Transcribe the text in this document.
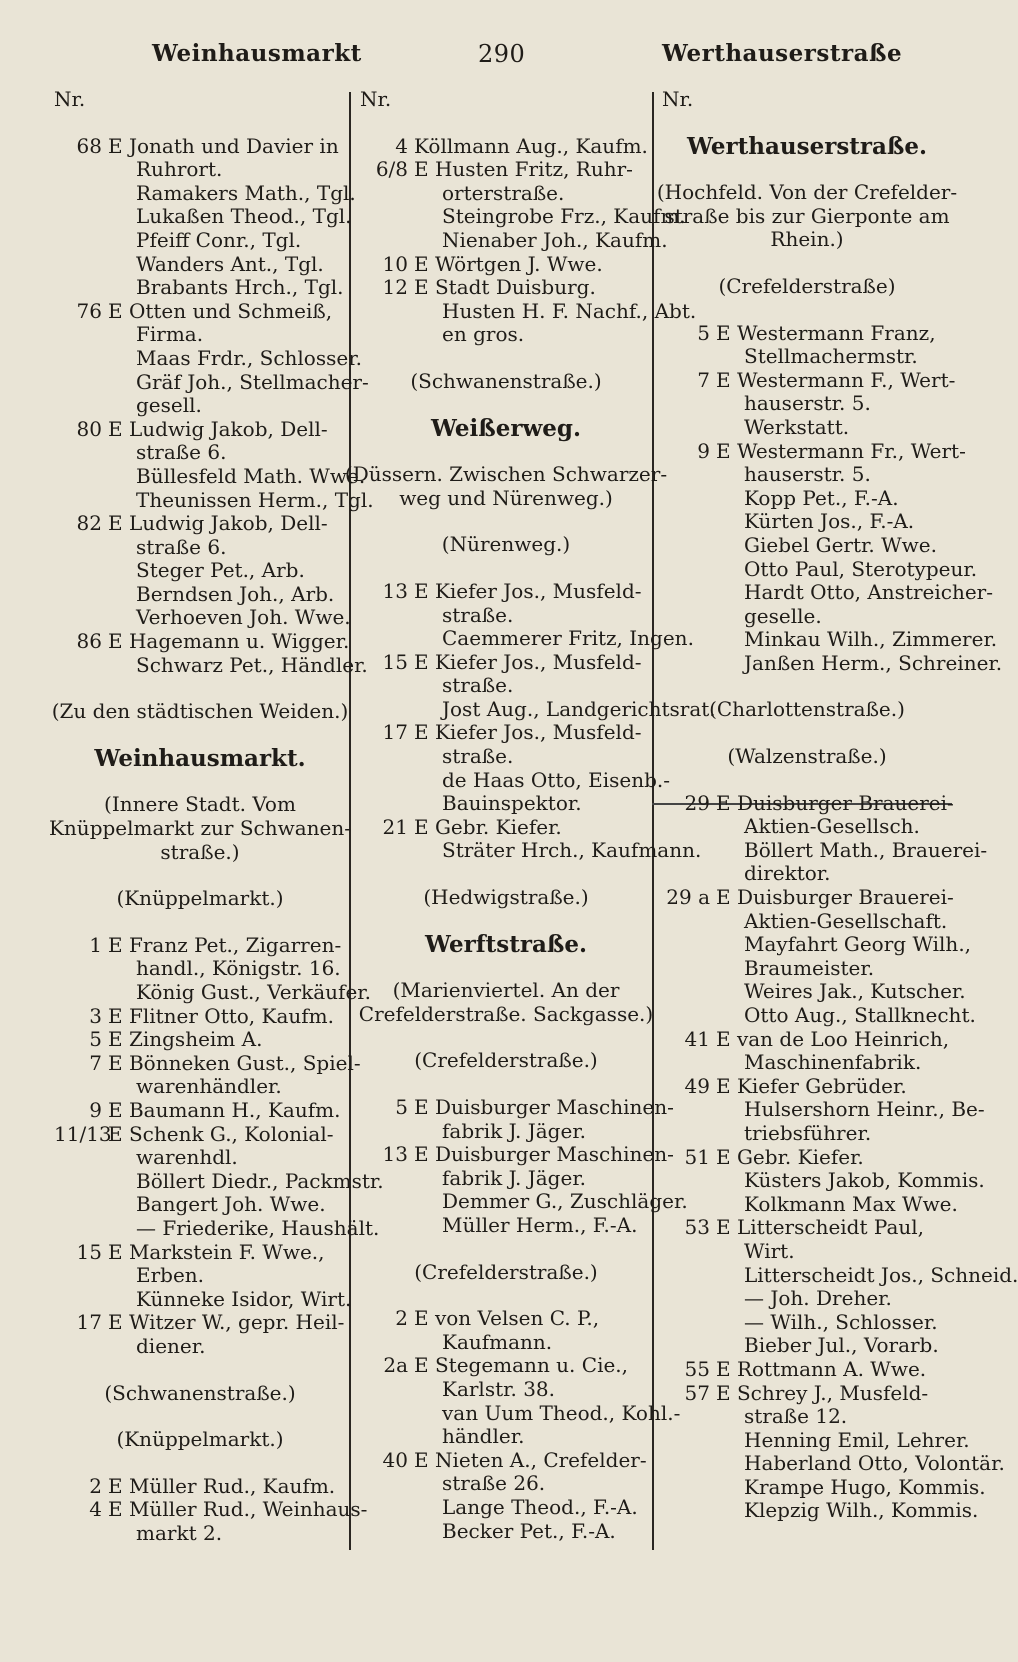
Weinhausmarkt	290	Werthauserstraße
Nr.
68 E Jonath und Davier in
Ruhrort.
Ramakers Math., Tgl.
Lukaßen Theod., Tgl.
Pfeiff Conr., Tgl.
Wanders Ant., Tgl.
Brabants Hrch., Tgl.
76 E Otten und Schmeiß,
Firma.
Maas Frdr., Schlosser.
Gräf Joh., Stellmacher-
gesell.
80 E Ludwig Jakob, Dell-
straße 6.
Büllesfeld Math. Wwe.
Theunissen Herm., Tgl.
82 E Ludwig Jakob, Dell-
straße 6.
Steger Pet., Arb.
Berndsen Joh., Arb.
Verhoeven Joh. Wwe.
86 E Hagemann u. Wigger.
Schwarz Pet., Händler.
(Zu den städtischen Weiden.)
Weinhausmarkt.
(Innere Stadt. Vom
Knüppelmarkt zur Schwanen-
straße.)
(Knüppelmarkt.)
1 E Franz Pet., Zigarren-
handl., Königstr. 16.
König Gust., Verkäufer.
3 E Flitner Otto, Kaufm.
5 E Zingsheim A.
7 E Bönneken Gust., Spiel-
warenhändler.
9 E Baumann H., Kaufm.
11/13
E Schenk G., Kolonial-
warenhdl.
Böllert Diedr., Packmstr.
Bangert Joh. Wwe.
— Friederike, Haushält.
15 E Markstein F. Wwe.,
Erben.
Künneke Isidor, Wirt.
17 E Witzer W., gepr. Heil-
diener.
(Schwanenstraße.)
(Knüppelmarkt.)
2 E Müller Rud., Kaufm.
4 E Müller Rud., Weinhaus-
markt 2.
Nr.
4 Köllmann Aug., Kaufm.
6/8 E Husten Fritz, Ruhr-
orterstraße.
Steingrobe Frz., Kaufm.
Nienaber Joh., Kaufm.
10 E Wörtgen J. Wwe.
12 E Stadt Duisburg.
Husten H. F. Nachf., Abt.
en gros.
(Schwanenstraße.)
Weißerweg.
(Düssern. Zwischen Schwarzer-
weg und Nürenweg.)
(Nürenweg.)
13 E Kiefer Jos., Musfeld-
straße.
Caemmerer Fritz, Ingen.
15 E Kiefer Jos., Musfeld-
straße.
Jost Aug., Landgerichtsrat.
17 E Kiefer Jos., Musfeld-
straße.
de Haas Otto, Eisenb.-
Bauinspektor.
21 E Gebr. Kiefer.
Sträter Hrch., Kaufmann.
(Hedwigstraße.)
Werftstraße.
(Marienviertel. An der
Crefelderstraße. Sackgasse.)
(Crefelderstraße.)
5 E Duisburger Maschinen-
fabrik J. Jäger.
13 E Duisburger Maschinen-
fabrik J. Jäger.
Demmer G., Zuschläger.
Müller Herm., F.-A.
(Crefelderstraße.)
2 E von Velsen C. P.,
Kaufmann.
2a E Stegemann u. Cie.,
Karlstr. 38.
van Uum Theod., Kohl.-
händler.
40 E Nieten A., Crefelder-
straße 26.
Lange Theod., F.-A.
Becker Pet., F.-A.
Nr.
Werthauserstraße.
(Hochfeld. Von der Crefelder-
straße bis zur Gierponte am
Rhein.)
(Crefelderstraße)
5 E Westermann Franz,
Stellmachermstr.
7 E Westermann F., Wert-
hauserstr. 5.
Werkstatt.
9 E Westermann Fr., Wert-
hauserstr. 5.
Kopp Pet., F.-A.
Kürten Jos., F.-A.
Giebel Gertr. Wwe.
Otto Paul, Sterotypeur.
Hardt Otto, Anstreicher-
geselle.
Minkau Wilh., Zimmerer.
Janßen Herm., Schreiner.
(Charlottenstraße.)
(Walzenstraße.)
29 E Duisburger Brauerei-
Aktien-Gesellsch.
Böllert Math., Brauerei-
direktor.
29 a E Duisburger Brauerei-
Aktien-Gesellschaft.
Mayfahrt Georg Wilh.,
Braumeister.
Weires Jak., Kutscher.
Otto Aug., Stallknecht.
41 E van de Loo Heinrich,
Maschinenfabrik.
49 E Kiefer Gebrüder.
Hulsershorn Heinr., Be-
triebsführer.
51 E Gebr. Kiefer.
Küsters Jakob, Kommis.
Kolkmann Max Wwe.
53 E Litterscheidt Paul,
Wirt.
Litterscheidt Jos., Schneid.
— Joh. Dreher.
— Wilh., Schlosser.
Bieber Jul., Vorarb.
55 E Rottmann A. Wwe.
57 E Schrey J., Musfeld-
straße 12.
Henning Emil, Lehrer.
Haberland Otto, Volontär.
Krampe Hugo, Kommis.
Klepzig Wilh., Kommis.
